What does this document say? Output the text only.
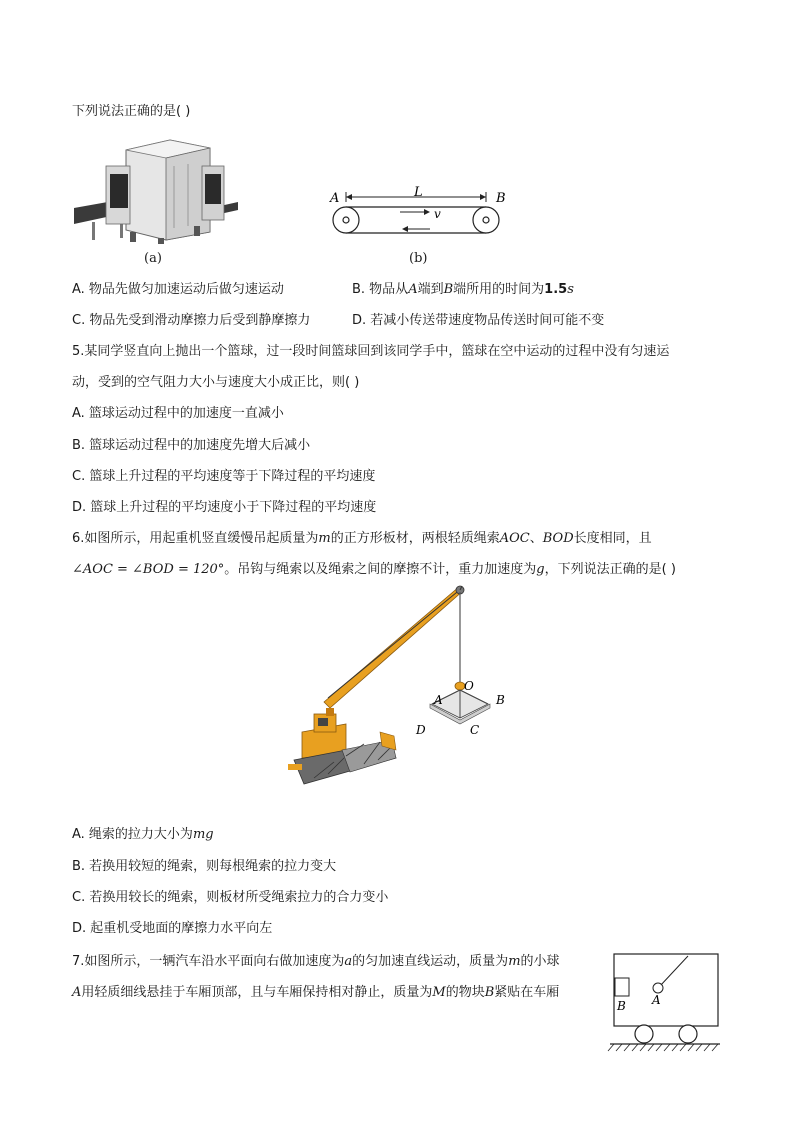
下列说法正确的是( )
(a)
A	B
L
v
(b)
A. 物品先做匀加速运动后做匀速运动	B. 物品从A端到B端所用的时间为1.5s
C. 物品先受到滑动摩擦力后受到静摩擦力	D. 若减小传送带速度物品传送时间可能不变
5.某同学竖直向上抛出一个篮球，过一段时间篮球回到该同学手中，篮球在空中运动的过程中没有匀速运
动，受到的空气阻力大小与速度大小成正比，则( )
A. 篮球运动过程中的加速度一直减小
B. 篮球运动过程中的加速度先增大后减小
C. 篮球上升过程的平均速度等于下降过程的平均速度
D. 篮球上升过程的平均速度小于下降过程的平均速度
6.如图所示，用起重机竖直缓慢吊起质量为m的正方形板材，两根轻质绳索AOC、BOD长度相同，且
∠AOC = ∠BOD = 120°。吊钩与绳索以及绳索之间的摩擦不计，重力加速度为g，下列说法正确的是( )
O
A	B
D	C
A. 绳索的拉力大小为mg
B. 若换用较短的绳索，则每根绳索的拉力变大
C. 若换用较长的绳索，则板材所受绳索拉力的合力变小
D. 起重机受地面的摩擦力水平向左
7.如图所示，一辆汽车沿水平面向右做加速度为a的匀加速直线运动，质量为m的小球
A用轻质细线悬挂于车厢顶部，且与车厢保持相对静止，质量为M的物块B紧贴在车厢	A
B
